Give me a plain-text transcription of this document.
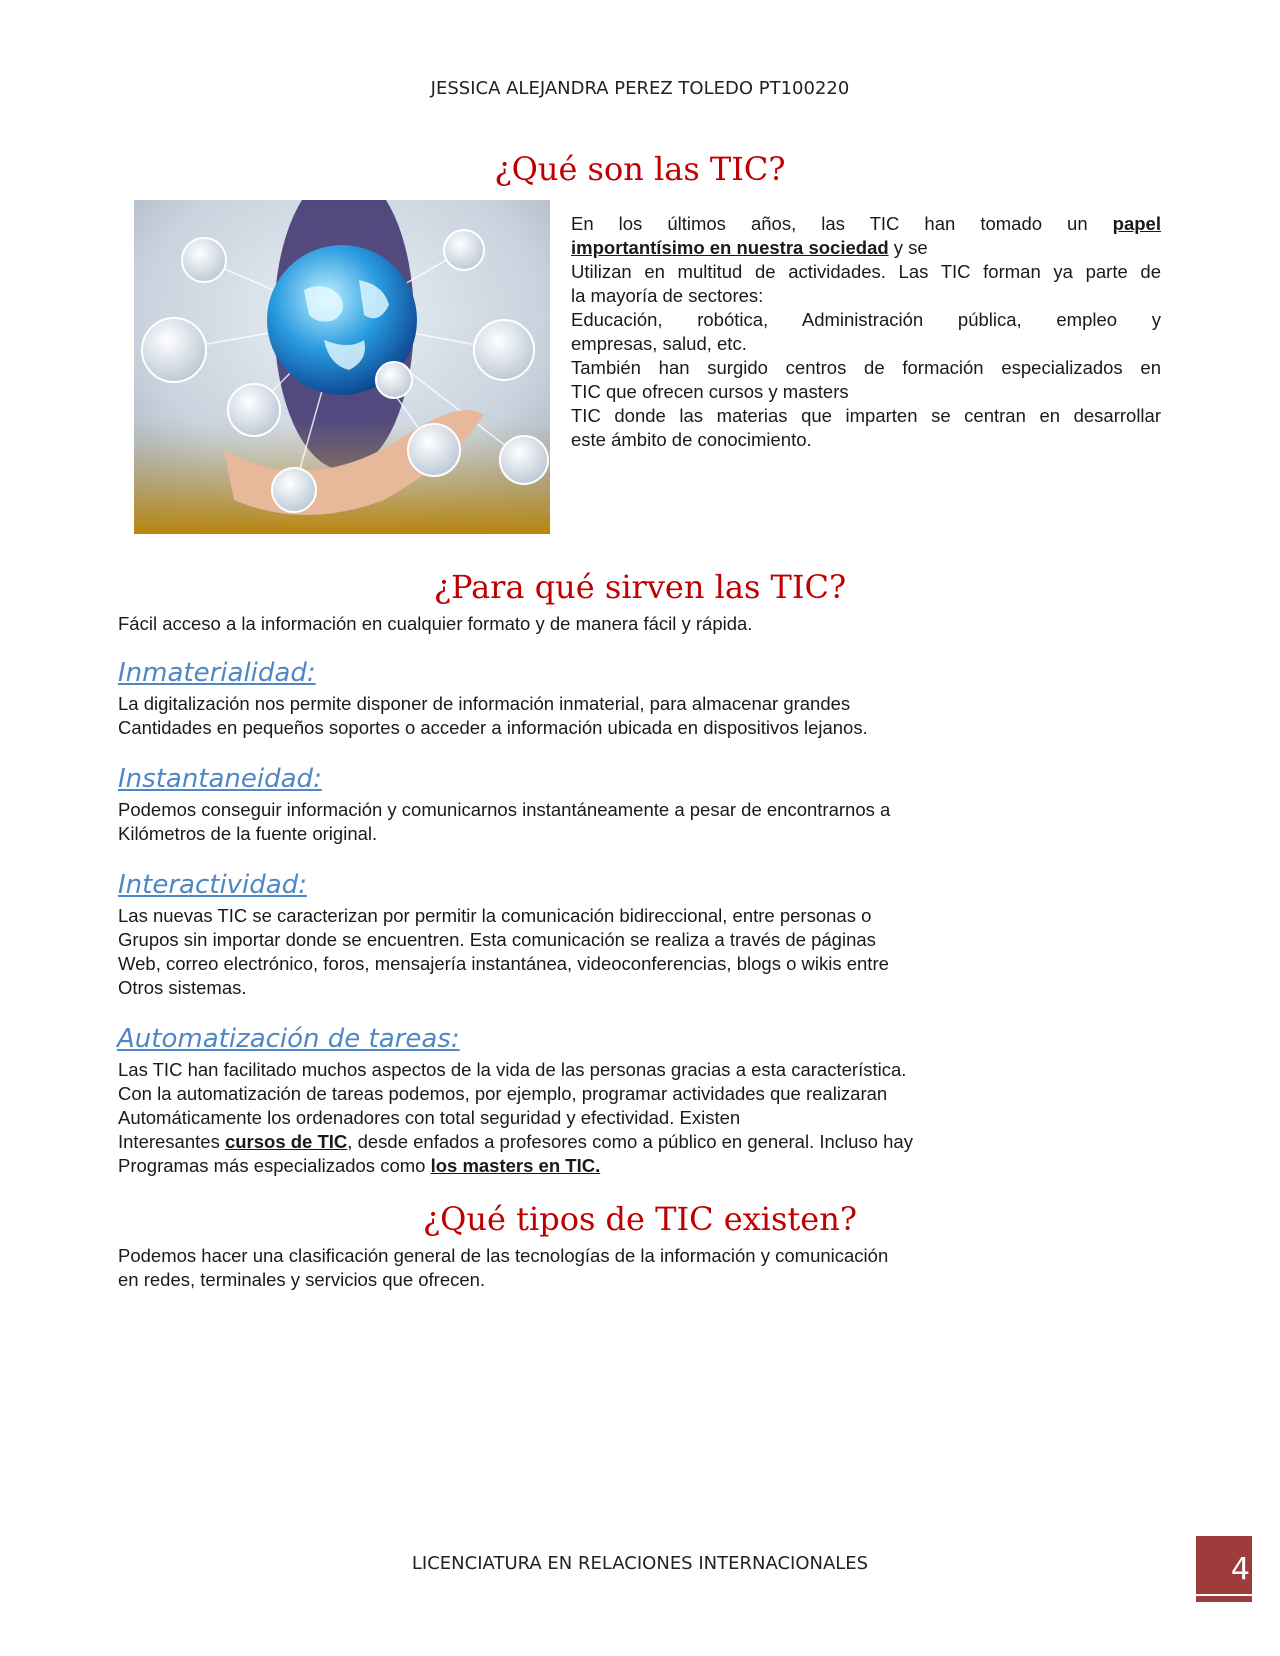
JESSICA ALEJANDRA PEREZ TOLEDO PT100220
¿Qué son las TIC?
En los últimos años, las TIC han tomado un papel
importantísimo en nuestra sociedad y se
Utilizan en multitud de actividades. Las TIC forman ya parte de
la mayoría de sectores:
Educación, robótica, Administración pública, empleo y
empresas, salud, etc.
También han surgido centros de formación especializados en
TIC que ofrecen cursos y masters
TIC donde las materias que imparten se centran en desarrollar
este ámbito de conocimiento.
¿Para qué sirven las TIC?
Fácil acceso a la información en cualquier formato y de manera fácil y rápida.
Inmaterialidad:

La digitalización nos permite disponer de información inmaterial, para almacenar grandes

Cantidades en pequeños soportes o acceder a información ubicada en dispositivos lejanos.

Instantaneidad:

Podemos conseguir información y comunicarnos instantáneamente a pesar de encontrarnos a

Kilómetros de la fuente original.

Interactividad:

Las nuevas TIC se caracterizan por permitir la comunicación bidireccional, entre personas o

Grupos sin importar donde se encuentren. Esta comunicación se realiza a través de páginas

Web, correo electrónico, foros, mensajería instantánea, videoconferencias, blogs o wikis entre

Otros sistemas.

Automatización de tareas:

Las TIC han facilitado muchos aspectos de la vida de las personas gracias a esta característica.

Con la automatización de tareas podemos, por ejemplo, programar actividades que realizaran

Automáticamente los ordenadores con total seguridad y efectividad. Existen

Interesantes cursos de TIC, desde enfados a profesores como a público en general. Incluso hay

Programas más especializados como los masters en TIC.

¿Qué tipos de TIC existen?

Podemos hacer una clasificación general de las tecnologías de la información y comunicación

en redes, terminales y servicios que ofrecen.

LICENCIATURA EN RELACIONES INTERNACIONALES	4
